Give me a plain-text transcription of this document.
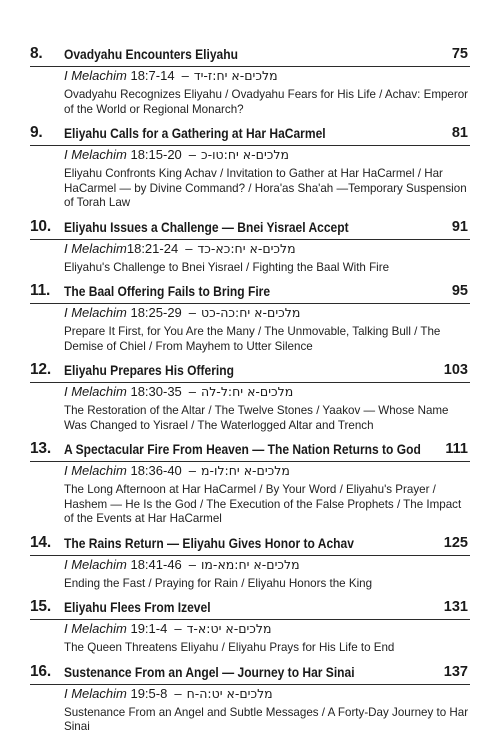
8. Ovadyahu Encounters Eliyahu	75
I Melachim 18:7-14 – מלכים-א יח:ז-יד
Ovadyahu Recognizes Eliyahu / Ovadyahu Fears for His Life / Achav: Emperor of the World or Regional Monarch?
9. Eliyahu Calls for a Gathering at Har HaCarmel	81
I Melachim 18:15-20 – מלכים-א יח:טו-כ
Eliyahu Confronts King Achav / Invitation to Gather at Har HaCarmel / Har HaCarmel — by Divine Command? / Hora'as Sha'ah —Temporary Suspension of Torah Law
10. Eliyahu Issues a Challenge — Bnei Yisrael Accept	91
I Melachim18:21-24 – מלכים-א יח:כא-כד
Eliyahu's Challenge to Bnei Yisrael / Fighting the Baal With Fire
11. The Baal Offering Fails to Bring Fire	95
I Melachim 18:25-29 – מלכים-א יח:כה-כט
Prepare It First, for You Are the Many / The Unmovable, Talking Bull / The Demise of Chiel / From Mayhem to Utter Silence
12. Eliyahu Prepares His Offering	103
I Melachim 18:30-35 – מלכים-א יח:ל-לה
The Restoration of the Altar / The Twelve Stones / Yaakov — Whose Name Was Changed to Yisrael / The Waterlogged Altar and Trench
13. A Spectacular Fire From Heaven — The Nation Returns to God 111
I Melachim 18:36-40 – מלכים-א יח:לו-מ
The Long Afternoon at Har HaCarmel / By Your Word / Eliyahu's Prayer / Hashem — He Is the God / The Execution of the False Prophets / The Impact of the Events at Har HaCarmel
14. The Rains Return — Eliyahu Gives Honor to Achav	125
I Melachim 18:41-46 – מלכים-א יח:מא-מו
Ending the Fast / Praying for Rain / Eliyahu Honors the King
15. Eliyahu Flees From Izevel	131
I Melachim 19:1-4 – מלכים-א יט:א-ד
The Queen Threatens Eliyahu / Eliyahu Prays for His Life to End
16. Sustenance From an Angel — Journey to Har Sinai	137
I Melachim 19:5-8 – מלכים-א יט:ה-ח
Sustenance From an Angel and Subtle Messages / A Forty-Day Journey to Har Sinai
